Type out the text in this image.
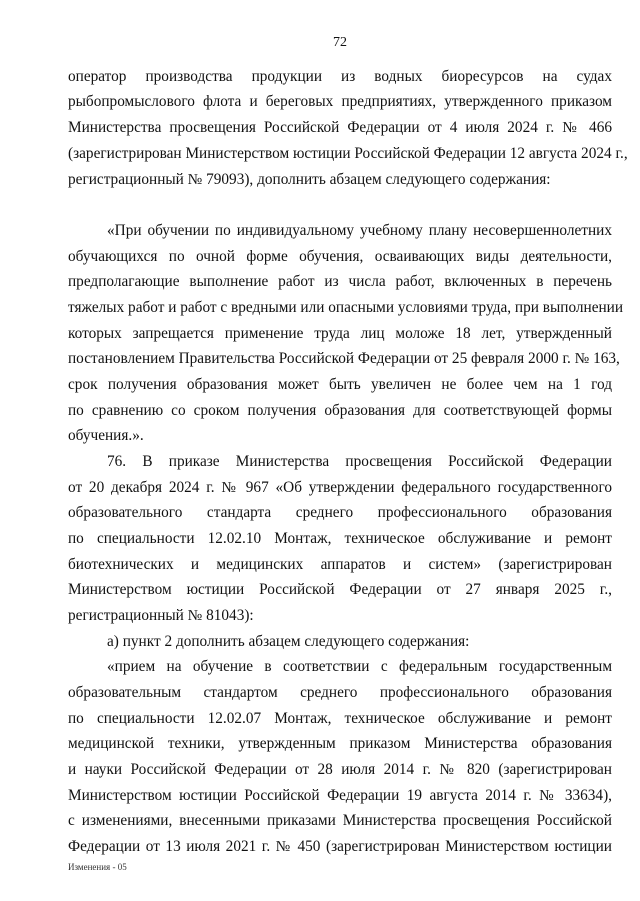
72
оператор производства продукции из водных биоресурсов на судах
рыбопромыслового флота и береговых предприятиях, утвержденного приказом
Министерства просвещения Российской Федерации от 4 июля 2024 г. № 466
(зарегистрирован Министерством юстиции Российской Федерации 12 августа 2024 г.,
регистрационный № 79093), дополнить абзацем следующего содержания:
«При обучении по индивидуальному учебному плану несовершеннолетних
обучающихся по очной форме обучения, осваивающих виды деятельности,
предполагающие выполнение работ из числа работ, включенных в перечень
тяжелых работ и работ с вредными или опасными условиями труда, при выполнении
которых запрещается применение труда лиц моложе 18 лет, утвержденный
постановлением Правительства Российской Федерации от 25 февраля 2000 г. № 163,
срок получения образования может быть увеличен не более чем на 1 год
по сравнению со сроком получения образования для соответствующей формы
обучения.».
76. В приказе Министерства просвещения Российской Федерации
от 20 декабря 2024 г. № 967 «Об утверждении федерального государственного
образовательного стандарта среднего профессионального образования
по специальности 12.02.10 Монтаж, техническое обслуживание и ремонт
биотехнических и медицинских аппаратов и систем» (зарегистрирован
Министерством юстиции Российской Федерации от 27 января 2025 г.,
регистрационный № 81043):
а) пункт 2 дополнить абзацем следующего содержания:
«прием на обучение в соответствии с федеральным государственным
образовательным стандартом среднего профессионального образования
по специальности 12.02.07 Монтаж, техническое обслуживание и ремонт
медицинской техники, утвержденным приказом Министерства образования
и науки Российской Федерации от 28 июля 2014 г. № 820 (зарегистрирован
Министерством юстиции Российской Федерации 19 августа 2014 г. № 33634),
с изменениями, внесенными приказами Министерства просвещения Российской
Федерации от 13 июля 2021 г. № 450 (зарегистрирован Министерством юстиции
Изменения - 05
